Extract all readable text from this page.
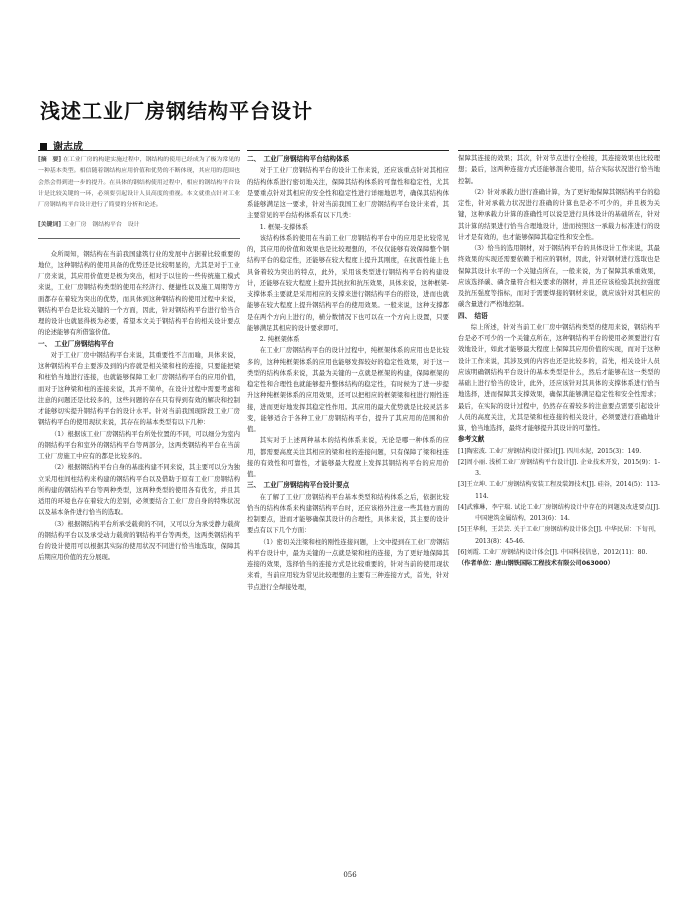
浅述工业厂房钢结构平台设计
谢志成

[摘　要] 在工业厂房的构建实施过程中，钢结构的使用已经成为了极为常见的一种基本类型。相信随着钢结构应用价值和优势的不断体现，其应用的范围也会然会得到进一步的提升。在具体的钢结构使用过程中，相应的钢结构平台设计是比较关键的一环，必须要引起设计人员高度的重视。本文就重点针对工业厂房钢结构平台设计进行了简要的分析和论述。

[关键词] 工业厂房　钢结构平台　设计

众所周知，钢结构在当前我国建筑行业的发展中占据着比较重要的地位，这种钢结构的使用具备的优势还是比较明显的，尤其是对于工业厂房来说，其应用价值更是极为突出，相对于以往的一些传统施工模式来说，工业厂房钢结构类型的使用在经济行、便捷性以及施工周期等方面都存在着较为突出的优势，而具体到这种钢结构的使用过程中来说，钢结构平台是比较关键的一个方面，因此，针对钢结构平台进行恰当合理的设计也就显得极为必要，希望本文关于钢结构平台的相关设计要点的论述能够有所借鉴价值。

一、　工业厂房钢结构平台

对于工业厂房中钢结构平台来说，其重要性不言而喻，具体来说，这种钢结构平台主要涉及到的内容就是相关梁和柱的连接，只要能把梁和柱恰当地进行连接，也就能够保障工业厂房钢结构平台的应用价值，而对于这种梁和柱的连接来说，其并不简单，在设计过程中需要考虑和注意的问题还是比较多的，这些问题的存在只有得到有效的解决和控制才能够切实提升钢结构平台的设计水平。针对当前我国现阶段工业厂房钢结构平台的使用现状来说，其存在的基本类型有以下几种：

（1）根据该工业厂房钢结构平台所处位置的不同，可以细分为室内的钢结构平台和室外的钢结构平台等两部分，这两类钢结构平台在当前工业厂房施工中应有的都是比较多的。

（2）根据钢结构平台自身的基座构建不同来说，其主要可以分为独立采用柱间柱结构来构建的钢结构平台以及借助于原有工业厂房钢结构所构建的钢结构平台等两种类型，这两种类型的使用各有优劣，并且其适用的环境也存在着较大的差别，必须要结合工业厂房自身的特殊状况以及基本条件进行恰当的选取。

（3）根据钢结构平台所承受载荷的不同，又可以分为承受静力载荷的钢结构平台以及承受动力载荷的钢结构平台等两类，这两类钢结构平台的设计使用可以根据其实际的使用状况不同进行恰当地选取，保障其后期应用价值的充分展现。

二、　工业厂房钢结构平台结构体系

对于工业厂房钢结构平台的设计工作来说，还应该重点针对其相应的结构体系进行密切地关注，保障其结构体系的可靠性和稳定性，尤其是要重点针对其相应的安全性和稳定性进行详细地思考，确保其结构体系能够满足这一要求，针对当前我国工业厂房钢结构平台设计来看，其主要常见的平台结构体系有以下几类：

1. 框架-支撑体系

该结构体系的使用在当前工业厂房钢结构平台中的应用是比较常见的，其应用的价值和效果也是比较理想的，不仅仅能够有效保障整个钢结构平台的稳定性，还能够在较大程度上提升其刚度，在抗震性能上也具备着较为突出的特点，此外，采用该类型进行钢结构平台的构建设计，还能够在较大程度上提升其抗拉和抗压效果，具体来说，这种框架-支撑体系主要就是采用相应的支撑来进行钢结构平台的搭设，进而也就能够在较大程度上提升钢结构平台的使用效果。一般来说，这种支撑都是在两个方向上进行的，横分数情况下也可以在一个方向上设置，只要能够满足其相应的设计要求即可。

2. 纯框架体系

在工业厂房钢结构平台的设计过程中，纯框架体系的应用也是比较多的，这种纯框架体系的应用也能够发挥较好的稳定性效果，对于这一类型的结构体系来说，其最为关键的一点就是框架的构建，保障框架的稳定性和合理性也就能够提升整体结构的稳定性，有时候为了进一步提升这种纯框架体系的应用效果，还可以把相应的框架梁和柱进行刚性连接，进而更好地发挥其稳定性作用。其应用的最大优势就是比较灵活多变，能够适合于各种工业厂房钢结构平台，提升了其应用的范围和价值。

其实对于上述两种基本的结构体系来说，无论是哪一种体系的应用，都需要高度关注其相应的梁和柱的连接问题，只有保障了梁和柱连接的有效性和可靠性，才能够最大程度上发挥其钢结构平台的应用价值。

三、　工业厂房钢结构平台设计要点

在了解了工业厂房钢结构平台基本类型和结构体系之后，依据比较恰当的结构体系来构建钢结构平台时，还应该格外注意一些其他方面的控制要点，进而才能够确保其设计的合理性，具体来说，其主要的设计要点有以下几个方面：

（1）密切关注梁和柱的刚性连接问题，上文中提到在工业厂房钢结构平台设计中，最为关键的一点就是梁和柱的连接，为了更好地保障其连接的效果，选择恰当的连接方式是比较重要的，针对当前的使用现状来看，当前应用较为常见比较理想的主要有三种连接方式，首先，针对节点进行全焊接处理，

保障其连接的效果；其次，针对节点进行全栓接，其连接效果也比较理想；最后，这两种连接方式还能够混合使用，结合实际状况进行恰当地控制。

（2）针对承载力进行准确计算，为了更好地保障其钢结构平台的稳定性，针对承载力状况进行准确的计算也是必不可少的，并且极为关键，这种承载力计算的准确性可以说是进行具体设计的基础所在，针对其计算的结果进行恰当合理地设计，进而按照这一承载力标准进行的设计才是有效的，也才能够保障其稳定性和安全性。

（3）恰当的选用钢材，对于钢结构平台的具体设计工作来说，其最终效果的实现还需要依赖于相应的钢材，因此，针对钢材进行选取也是保障其设计水平的一个关键点所在，一般来说，为了保障其承重效果，应该选择碳、磷含量符合相关要求的钢材，并且还应该检验其抗拉强度及抗压强度等指标，而对于需要焊接的钢材来说，就应该针对其相应的碳含量进行严格地控制。

四、　结语

综上所述，针对当前工业厂房中钢结构类型的使用来说，钢结构平台是必不可少的一个关键点所在，这种钢结构平台的使用必须要进行有效地设计，如此才能够最大程度上保障其应用价值的实现，而对于这种设计工作来说，其涉及到的内容也还是比较多的，首先，相关设计人员应该明确钢结构平台设计的基本类型是什么，然后才能够在这一类型的基础上进行恰当的设计，此外，还应该针对其具体的支撑体系进行恰当地选择，进而保障其支撑效果，确保其能够满足稳定性和安全性需求；最后，在实际的设计过程中，仍然存在着较多的注意要点需要引起设计人员的高度关注，尤其是梁和柱连接的相关设计，必须要进行准确地计算，恰当地选择，最终才能够提升其设计的可靠性。

参考文献

[1]陶宏波. 工业厂房钢结构设计探讨[J]. 四川水泥，2015(3)：149.

[2]周小丽. 浅析工业厂房钢结构平台设计[J]. 企业技术开发，2015(9)：1-3.

[3]王立坤. 工业厂房钢结构安装工程及装卸技术[J]. 硅谷，2014(5)：113-114.

[4]武雅琳，李宁瑞. 试论工业厂房钢结构设计中存在的问题及改进要点[J]. 中国建筑金属结构，2013(6)：14.

[5]王华利，王芸芸. 关于工业厂房钢结构设计体会[J]. 中华民居：下旬刊，2013(8)：45-46.

[6]刘霞. 工业厂房钢结构设计体会[J]. 中国科技信息，2012(11)：80.

（作者单位：唐山钢铁国际工程技术有限公司063000）

056
